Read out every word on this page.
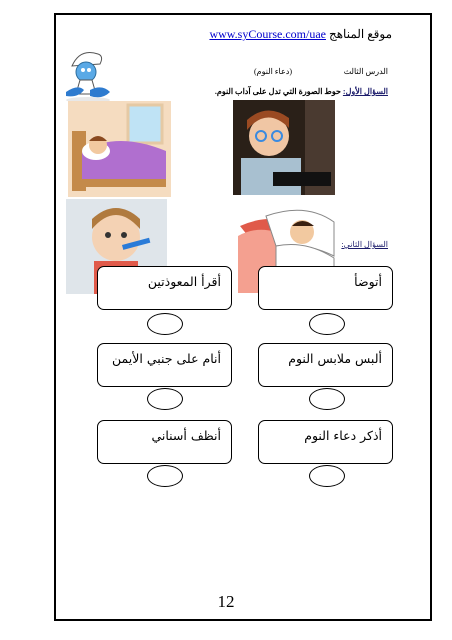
www.syCourse.com/uae موقع المناهج
الدرس الثالث
(دعاء النوم)
السؤال الأول: حوط الصورة التي تدل على آداب النوم.
السؤال الثاني:
أقرأ المعوذتين	أتوضأ
أنام على جنبي الأيمن	ألبس ملابس النوم
أنظف أسناني	أذكر دعاء النوم
12
